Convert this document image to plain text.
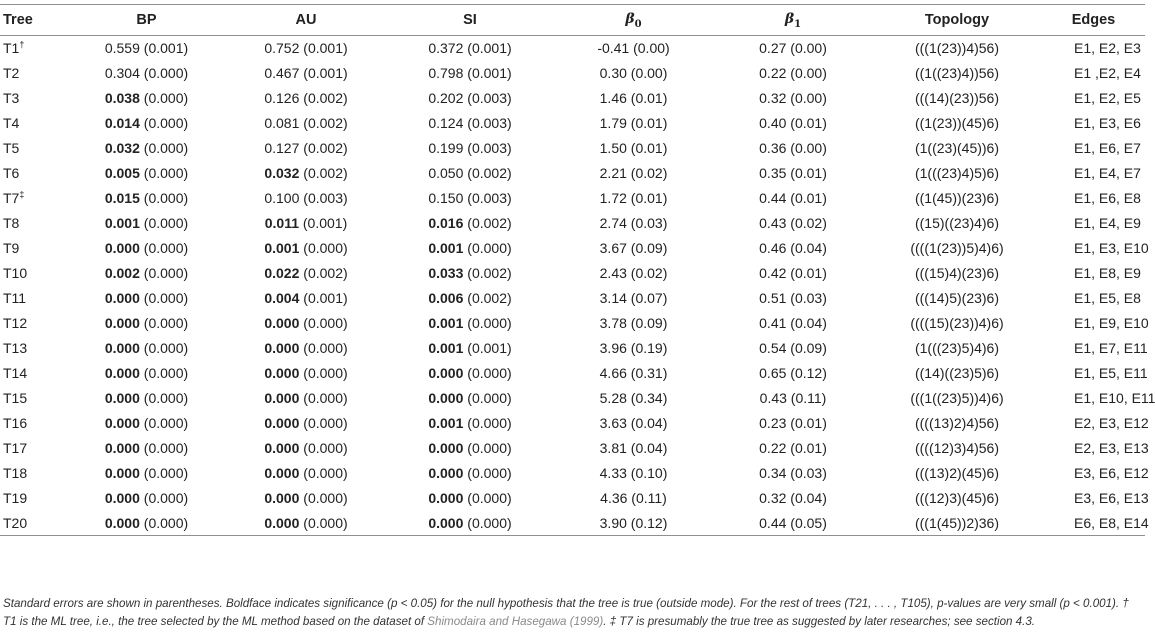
Tree	BP	AU	SI	$\beta_0$	$\beta_1$	Topology	Edges
T1†	0.559 (0.001)	0.752 (0.001)	0.372 (0.001)	-0.41 (0.00)	0.27 (0.00)	(((1(23))4)56)	E1, E2, E3
T2	0.304 (0.000)	0.467 (0.001)	0.798 (0.001)	0.30 (0.00)	0.22 (0.00)	((1((23)4))56)	E1 ,E2, E4
T3	0.038 (0.000)	0.126 (0.002)	0.202 (0.003)	1.46 (0.01)	0.32 (0.00)	(((14)(23))56)	E1, E2, E5
T4	0.014 (0.000)	0.081 (0.002)	0.124 (0.003)	1.79 (0.01)	0.40 (0.01)	((1(23))(45)6)	E1, E3, E6
T5	0.032 (0.000)	0.127 (0.002)	0.199 (0.003)	1.50 (0.01)	0.36 (0.00)	(1((23)(45))6)	E1, E6, E7
T6	0.005 (0.000)	0.032 (0.002)	0.050 (0.002)	2.21 (0.02)	0.35 (0.01)	(1(((23)4)5)6)	E1, E4, E7
T7‡	0.015 (0.000)	0.100 (0.003)	0.150 (0.003)	1.72 (0.01)	0.44 (0.01)	((1(45))(23)6)	E1, E6, E8
T8	0.001 (0.000)	0.011 (0.001)	0.016 (0.002)	2.74 (0.03)	0.43 (0.02)	((15)((23)4)6)	E1, E4, E9
T9	0.000 (0.000)	0.001 (0.000)	0.001 (0.000)	3.67 (0.09)	0.46 (0.04)	((((1(23))5)4)6)	E1, E3, E10
T10	0.002 (0.000)	0.022 (0.002)	0.033 (0.002)	2.43 (0.02)	0.42 (0.01)	(((15)4)(23)6)	E1, E8, E9
T11	0.000 (0.000)	0.004 (0.001)	0.006 (0.002)	3.14 (0.07)	0.51 (0.03)	(((14)5)(23)6)	E1, E5, E8
T12	0.000 (0.000)	0.000 (0.000)	0.001 (0.000)	3.78 (0.09)	0.41 (0.04)	((((15)(23))4)6)	E1, E9, E10
T13	0.000 (0.000)	0.000 (0.000)	0.001 (0.001)	3.96 (0.19)	0.54 (0.09)	(1(((23)5)4)6)	E1, E7, E11
T14	0.000 (0.000)	0.000 (0.000)	0.000 (0.000)	4.66 (0.31)	0.65 (0.12)	((14)((23)5)6)	E1, E5, E11
T15	0.000 (0.000)	0.000 (0.000)	0.000 (0.000)	5.28 (0.34)	0.43 (0.11)	(((1((23)5))4)6)	E1, E10, E11
T16	0.000 (0.000)	0.000 (0.000)	0.001 (0.000)	3.63 (0.04)	0.23 (0.01)	((((13)2)4)56)	E2, E3, E12
T17	0.000 (0.000)	0.000 (0.000)	0.000 (0.000)	3.81 (0.04)	0.22 (0.01)	((((12)3)4)56)	E2, E3, E13
T18	0.000 (0.000)	0.000 (0.000)	0.000 (0.000)	4.33 (0.10)	0.34 (0.03)	(((13)2)(45)6)	E3, E6, E12
T19	0.000 (0.000)	0.000 (0.000)	0.000 (0.000)	4.36 (0.11)	0.32 (0.04)	(((12)3)(45)6)	E3, E6, E13
T20	0.000 (0.000)	0.000 (0.000)	0.000 (0.000)	3.90 (0.12)	0.44 (0.05)	(((1(45))2)36)	E6, E8, E14

Standard errors are shown in parentheses. Boldface indicates significance (p < 0.05) for the null hypothesis that the tree is true (outside mode). For the rest of trees (T21, . . . , T105), p-values are very small (p < 0.001). † T1 is the ML tree, i.e., the tree selected by the ML method based on the dataset of Shimodaira and Hasegawa (1999). ‡ T7 is presumably the true tree as suggested by later researches; see section 4.3.
